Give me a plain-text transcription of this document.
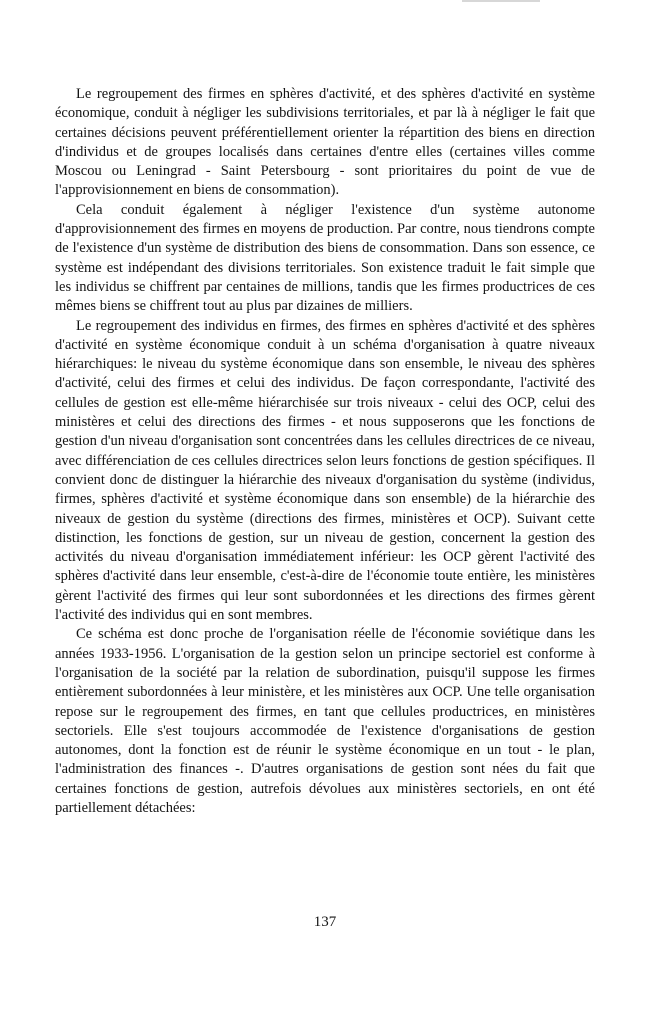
Le regroupement des firmes en sphères d'activité, et des sphères d'activité en système économique, conduit à négliger les subdivisions territoriales, et par là à négliger le fait que certaines décisions peuvent préférentiellement orienter la répartition des biens en direction d'individus et de groupes localisés dans certaines d'entre elles (certaines villes comme Moscou ou Leningrad - Saint Petersbourg - sont prioritaires du point de vue de l'approvisionnement en biens de consommation).

Cela conduit également à négliger l'existence d'un système autonome d'approvisionnement des firmes en moyens de production. Par contre, nous tiendrons compte de l'existence d'un système de distribution des biens de consommation. Dans son essence, ce système est indépendant des divisions territoriales. Son existence traduit le fait simple que les individus se chiffrent par centaines de millions, tandis que les firmes productrices de ces mêmes biens se chiffrent tout au plus par dizaines de milliers.

Le regroupement des individus en firmes, des firmes en sphères d'activité et des sphères d'activité en système économique conduit à un schéma d'organisation à quatre niveaux hiérarchiques: le niveau du système économique dans son ensemble, le niveau des sphères d'activité, celui des firmes et celui des individus. De façon correspondante, l'activité des cellules de gestion est elle-même hiérarchisée sur trois niveaux - celui des OCP, celui des ministères et celui des directions des firmes - et nous supposerons que les fonctions de gestion d'un niveau d'organisation sont concentrées dans les cellules directrices de ce niveau, avec différenciation de ces cellules directrices selon leurs fonctions de gestion spécifiques. Il convient donc de distinguer la hiérarchie des niveaux d'organisation du système (individus, firmes, sphères d'activité et système économique dans son ensemble) de la hiérarchie des niveaux de gestion du système (directions des firmes, ministères et OCP). Suivant cette distinction, les fonctions de gestion, sur un niveau de gestion, concernent la gestion des activités du niveau d'organisation immédiatement inférieur: les OCP gèrent l'activité des sphères d'activité dans leur ensemble, c'est-à-dire de l'économie toute entière, les ministères gèrent l'activité des firmes qui leur sont subordonnées et les directions des firmes gèrent l'activité des individus qui en sont membres.

Ce schéma est donc proche de l'organisation réelle de l'économie soviétique dans les années 1933-1956. L'organisation de la gestion selon un principe sectoriel est conforme à l'organisation de la société par la relation de subordination, puisqu'il suppose les firmes entièrement subordonnées à leur ministère, et les ministères aux OCP. Une telle organisation repose sur le regroupement des firmes, en tant que cellules productrices, en ministères sectoriels. Elle s'est toujours accommodée de l'existence d'organisations de gestion autonomes, dont la fonction est de réunir le système économique en un tout - le plan, l'administration des finances -. D'autres organisations de gestion sont nées du fait que certaines fonctions de gestion, autrefois dévolues aux ministères sectoriels, en ont été partiellement détachées:

137
